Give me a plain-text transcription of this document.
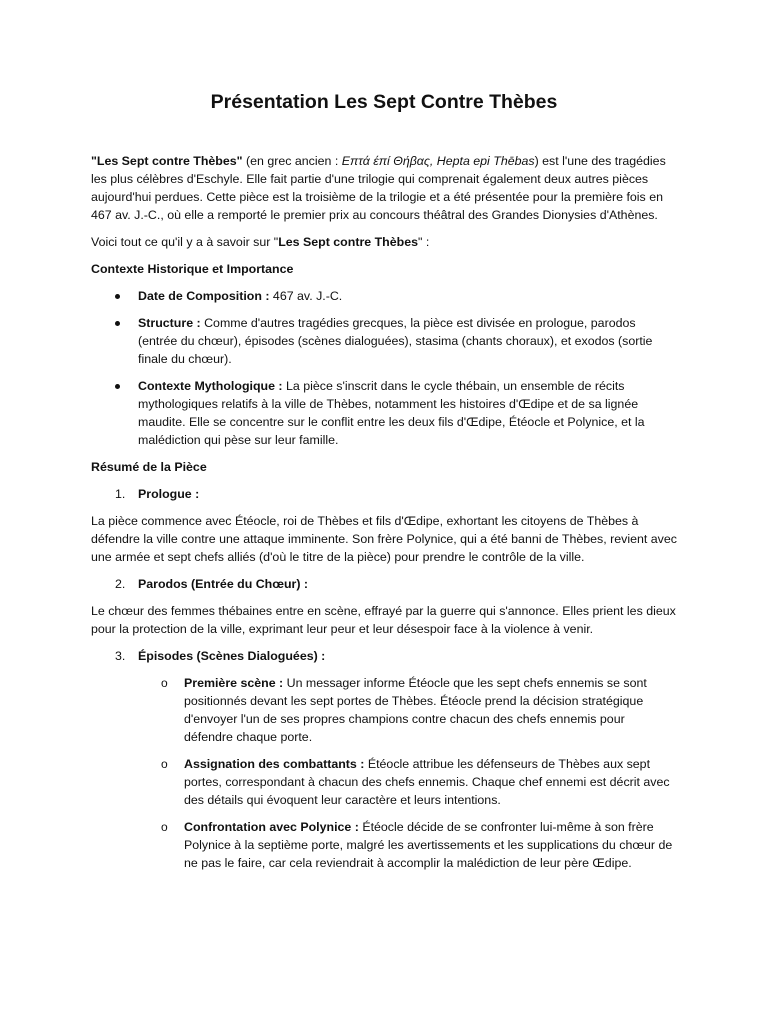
Présentation Les Sept Contre Thèbes

"Les Sept contre Thèbes" (en grec ancien : Επτά έπί Θήβας, Hepta epi Thēbas) est l'une des tragédies les plus célèbres d'Eschyle. Elle fait partie d'une trilogie qui comprenait également deux autres pièces aujourd'hui perdues. Cette pièce est la troisième de la trilogie et a été présentée pour la première fois en 467 av. J.-C., où elle a remporté le premier prix au concours théâtral des Grandes Dionysies d'Athènes.

Voici tout ce qu'il y a à savoir sur "Les Sept contre Thèbes" :

Contexte Historique et Importance

Date de Composition : 467 av. J.-C.
Structure : Comme d'autres tragédies grecques, la pièce est divisée en prologue, parodos (entrée du chœur), épisodes (scènes dialoguées), stasima (chants choraux), et exodos (sortie finale du chœur).
Contexte Mythologique : La pièce s'inscrit dans le cycle thébain, un ensemble de récits mythologiques relatifs à la ville de Thèbes, notamment les histoires d'Œdipe et de sa lignée maudite. Elle se concentre sur le conflit entre les deux fils d'Œdipe, Étéocle et Polynice, et la malédiction qui pèse sur leur famille.

Résumé de la Pièce

1. Prologue :

La pièce commence avec Étéocle, roi de Thèbes et fils d'Œdipe, exhortant les citoyens de Thèbes à défendre la ville contre une attaque imminente. Son frère Polynice, qui a été banni de Thèbes, revient avec une armée et sept chefs alliés (d'où le titre de la pièce) pour prendre le contrôle de la ville.

2. Parodos (Entrée du Chœur) :

Le chœur des femmes thébaines entre en scène, effrayé par la guerre qui s'annonce. Elles prient les dieux pour la protection de la ville, exprimant leur peur et leur désespoir face à la violence à venir.

3. Épisodes (Scènes Dialoguées) :
o Première scène : Un messager informe Étéocle que les sept chefs ennemis se sont positionnés devant les sept portes de Thèbes. Étéocle prend la décision stratégique d'envoyer l'un de ses propres champions contre chacun des chefs ennemis pour défendre chaque porte.
o Assignation des combattants : Étéocle attribue les défenseurs de Thèbes aux sept portes, correspondant à chacun des chefs ennemis. Chaque chef ennemi est décrit avec des détails qui évoquent leur caractère et leurs intentions.
o Confrontation avec Polynice : Étéocle décide de se confronter lui-même à son frère Polynice à la septième porte, malgré les avertissements et les supplications du chœur de ne pas le faire, car cela reviendrait à accomplir la malédiction de leur père Œdipe.
